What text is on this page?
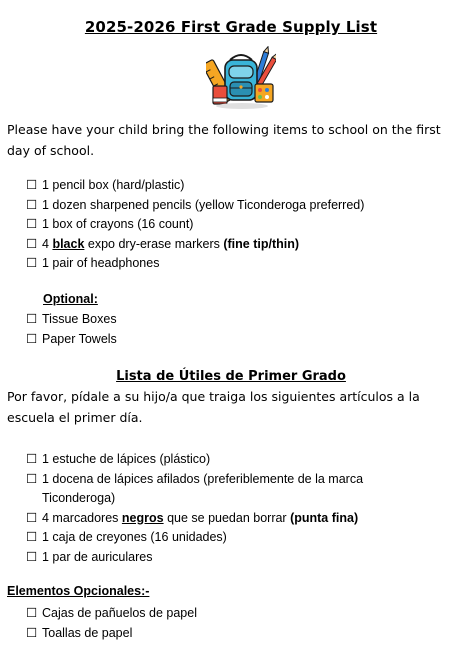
2025-2026 First Grade Supply List
Please have your child bring the following items to school on the first day of school.
☐ 1 pencil box (hard/plastic)
☐ 1 dozen sharpened pencils (yellow Ticonderoga preferred)
☐ 1 box of crayons (16 count)
☐ 4 black expo dry-erase markers (fine tip/thin)
☐ 1 pair of headphones
Optional:
☐ Tissue Boxes
☐ Paper Towels
Lista de Útiles de Primer Grado
Por favor, pídale a su hijo/a que traiga los siguientes artículos a la escuela el primer día.
☐ 1 estuche de lápices (plástico)
☐ 1 docena de lápices afilados (preferiblemente de la marca Ticonderoga)
☐ 4 marcadores negros que se puedan borrar (punta fina)
☐ 1 caja de creyones (16 unidades)
☐ 1 par de auriculares
Elementos Opcionales:-
☐ Cajas de pañuelos de papel
☐ Toallas de papel
